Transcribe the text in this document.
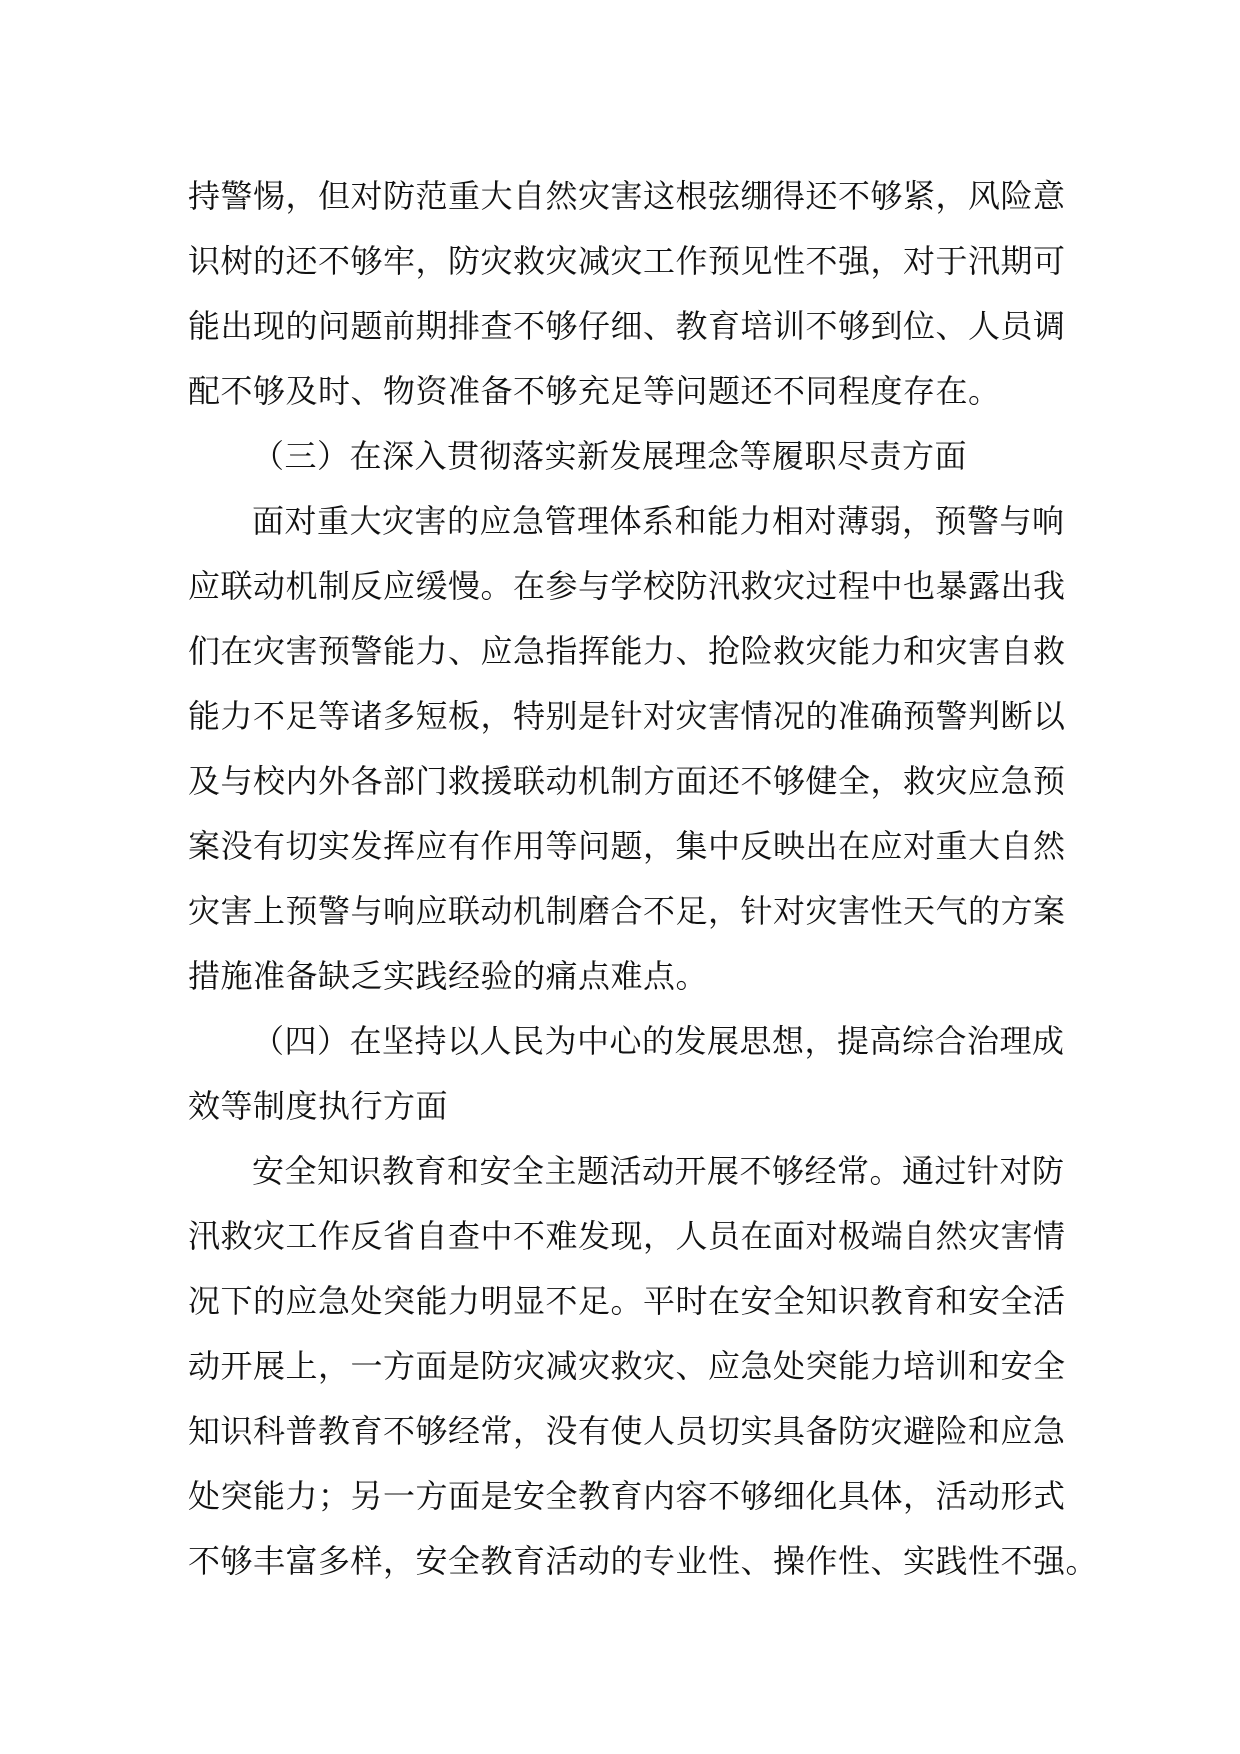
持警惕，但对防范重大自然灾害这根弦绷得还不够紧，风险意
识树的还不够牢，防灾救灾减灾工作预见性不强，对于汛期可
能出现的问题前期排查不够仔细、教育培训不够到位、人员调
配不够及时、物资准备不够充足等问题还不同程度存在。

（三）在深入贯彻落实新发展理念等履职尽责方面

面对重大灾害的应急管理体系和能力相对薄弱，预警与响
应联动机制反应缓慢。在参与学校防汛救灾过程中也暴露出我
们在灾害预警能力、应急指挥能力、抢险救灾能力和灾害自救
能力不足等诸多短板，特别是针对灾害情况的准确预警判断以
及与校内外各部门救援联动机制方面还不够健全，救灾应急预
案没有切实发挥应有作用等问题，集中反映出在应对重大自然
灾害上预警与响应联动机制磨合不足，针对灾害性天气的方案
措施准备缺乏实践经验的痛点难点。

（四）在坚持以人民为中心的发展思想，提高综合治理成
效等制度执行方面

安全知识教育和安全主题活动开展不够经常。通过针对防
汛救灾工作反省自查中不难发现，人员在面对极端自然灾害情
况下的应急处突能力明显不足。平时在安全知识教育和安全活
动开展上，一方面是防灾减灾救灾、应急处突能力培训和安全
知识科普教育不够经常，没有使人员切实具备防灾避险和应急
处突能力；另一方面是安全教育内容不够细化具体，活动形式
不够丰富多样，安全教育活动的专业性、操作性、实践性不强。
